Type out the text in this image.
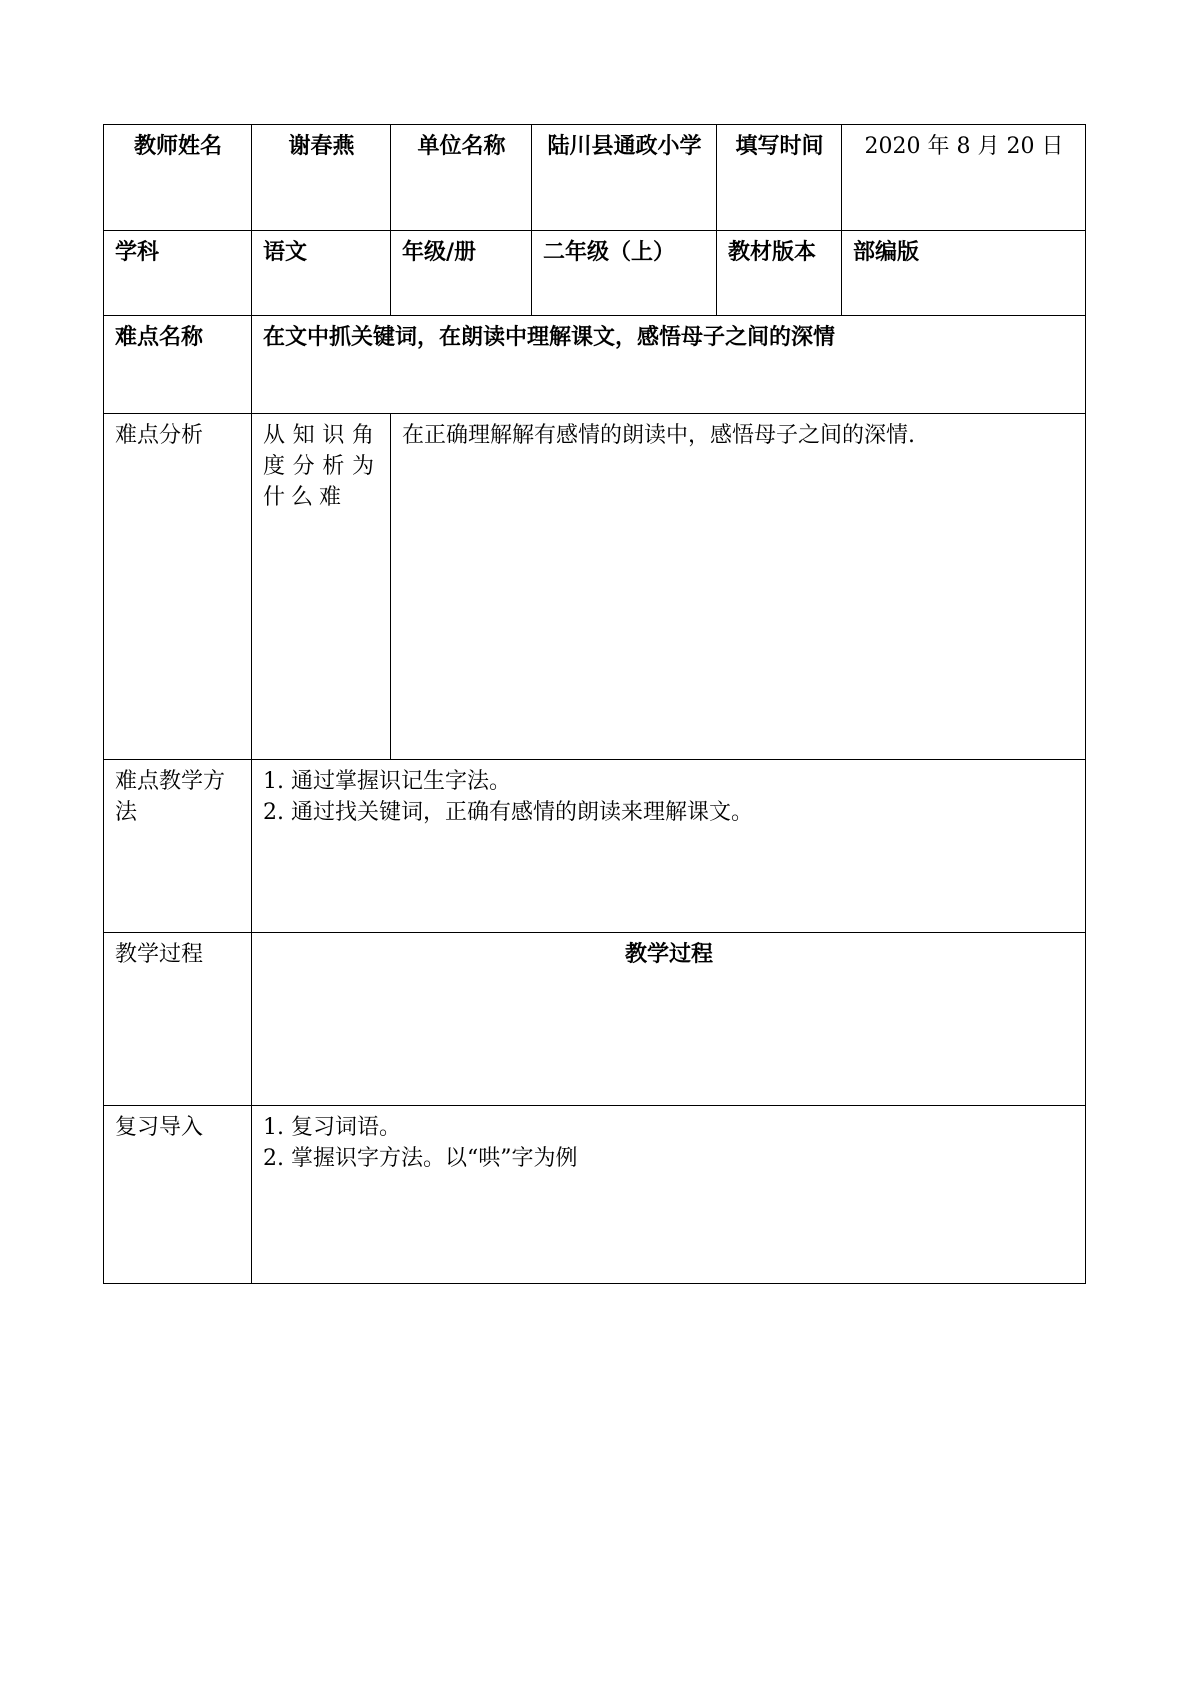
教师姓名	谢春燕	单位名称	陆川县通政小学	填写时间	2020 年 8 月 20 日
学科	语文	年级/册	二年级（上）	教材版本	部编版
难点名称	在文中抓关键词，在朗读中理解课文，感悟母子之间的深情				
难点分析	从知识角度分析为什么难	在正确理解解有感情的朗读中，感悟母子之间的深情.			
难点教学方法	1. 通过掌握识记生字法。
2. 通过找关键词，正确有感情的朗读来理解课文。				

教学过程	教学过程				
复习导入	1. 复习词语。
2. 掌握识字方法。以“哄”字为例				
